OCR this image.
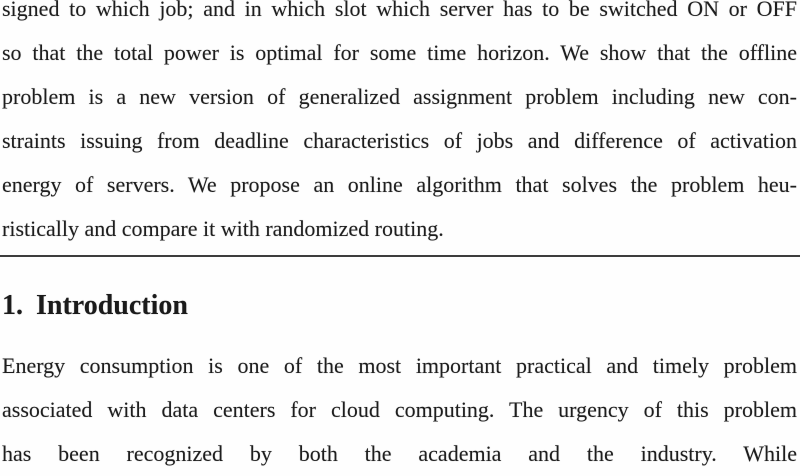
signed to which job; and in which slot which server has to be switched ON or OFF
so that the total power is optimal for some time horizon. We show that the offline
problem is a new version of generalized assignment problem including new con-
straints issuing from deadline characteristics of jobs and difference of activation
energy of servers. We propose an online algorithm that solves the problem heu-
ristically and compare it with randomized routing.
1. Introduction
Energy consumption is one of the most important practical and timely problem
associated with data centers for cloud computing. The urgency of this problem
has been recognized by both the academia and the industry. While
